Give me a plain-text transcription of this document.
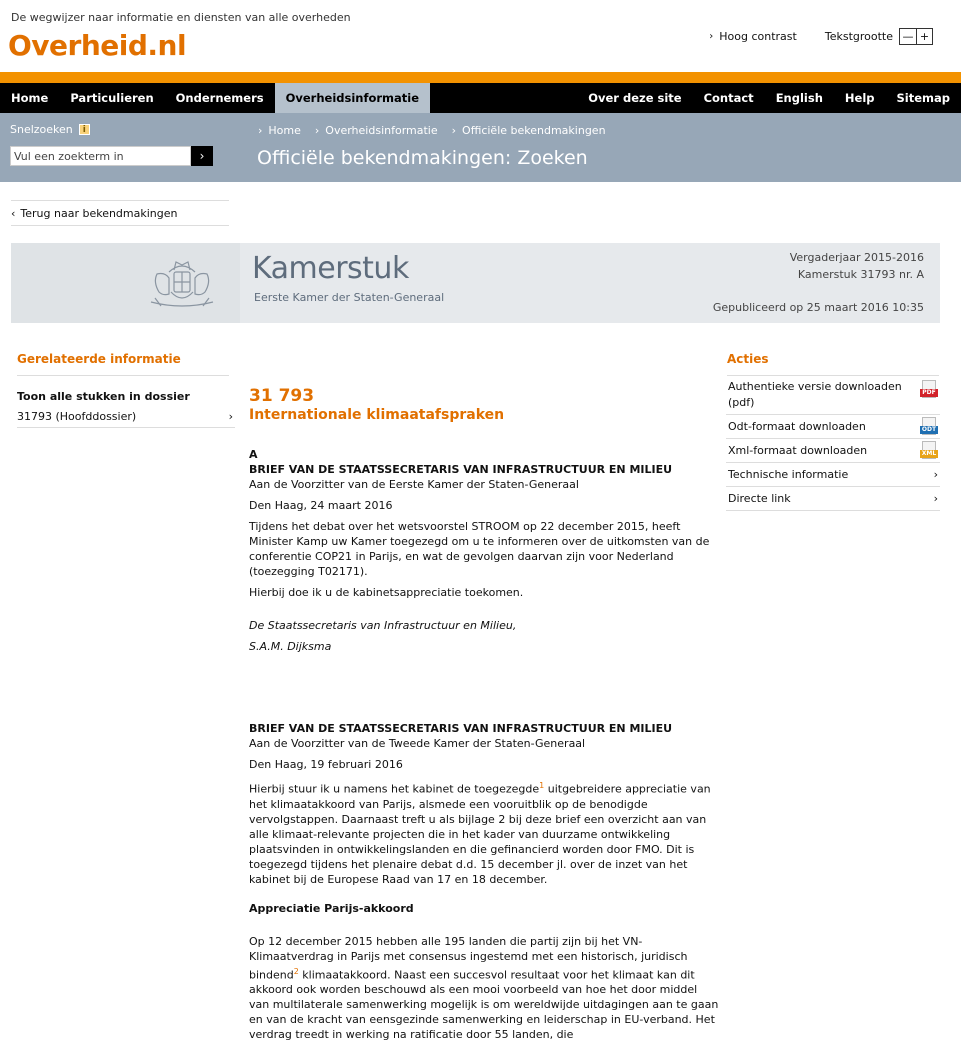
De wegwijzer naar informatie en diensten van alle overheden
Overheid.nl	› Hoog contrast	Tekstgrootte — +
Home	Particulieren	Ondernemers	Overheidsinformatie	Over deze site	Contact	English	Help	Sitemap
Snelzoeken	i
Vul een zoekterm in
›
› Home › Overheidsinformatie › Officiële bekendmakingen
Officiële bekendmakingen: Zoeken
‹ Terug naar bekendmakingen
Kamerstuk
Eerste Kamer der Staten-Generaal
Vergaderjaar 2015-2016
Kamerstuk 31793 nr. A
Gepubliceerd op 25 maart 2016 10:35
Gerelateerde informatie
Toon alle stukken in dossier
31793 (Hoofddossier)	›
Acties
Authentieke versie downloaden (pdf)
PDF
Odt-formaat downloaden	ODT
Xml-formaat downloaden	XML
Technische informatie	›
Directe link	›
31 793
Internationale klimaatafspraken
A
BRIEF VAN DE STAATSSECRETARIS VAN INFRASTRUCTUUR EN MILIEU
Aan de Voorzitter van de Eerste Kamer der Staten-Generaal
Den Haag, 24 maart 2016
Tijdens het debat over het wetsvoorstel STROOM op 22 december 2015, heeft Minister Kamp uw Kamer toegezegd om u te informeren over de uitkomsten van de conferentie COP21 in Parijs, en wat de gevolgen daarvan zijn voor Nederland (toezegging T02171).
Hierbij doe ik u de kabinetsappreciatie toekomen.
De Staatssecretaris van Infrastructuur en Milieu,
S.A.M. Dijksma
BRIEF VAN DE STAATSSECRETARIS VAN INFRASTRUCTUUR EN MILIEU
Aan de Voorzitter van de Tweede Kamer der Staten-Generaal
Den Haag, 19 februari 2016
Hierbij stuur ik u namens het kabinet de toegezegde$^1$ uitgebreidere appreciatie van het klimaatakkoord van Parijs, alsmede een vooruitblik op de benodigde vervolgstappen. Daarnaast treft u als bijlage 2 bij deze brief een overzicht aan van alle klimaat-relevante projecten die in het kader van duurzame ontwikkeling plaatsvinden in ontwikkelingslanden en die gefinancierd worden door FMO. Dit is toegezegd tijdens het plenaire debat d.d. 15 december jl. over de inzet van het kabinet bij de Europese Raad van 17 en 18 december.
Appreciatie Parijs-akkoord
Op 12 december 2015 hebben alle 195 landen die partij zijn bij het VN-Klimaatverdrag in Parijs met consensus ingestemd met een historisch, juridisch bindend$^2$ klimaatakkoord. Naast een succesvol resultaat voor het klimaat kan dit akkoord ook worden beschouwd als een mooi voorbeeld van hoe het door middel van multilaterale samenwerking mogelijk is om wereldwijde uitdagingen aan te gaan en van de kracht van eensgezinde samenwerking en leiderschap in EU-verband. Het verdrag treedt in werking na ratificatie door 55 landen, die
